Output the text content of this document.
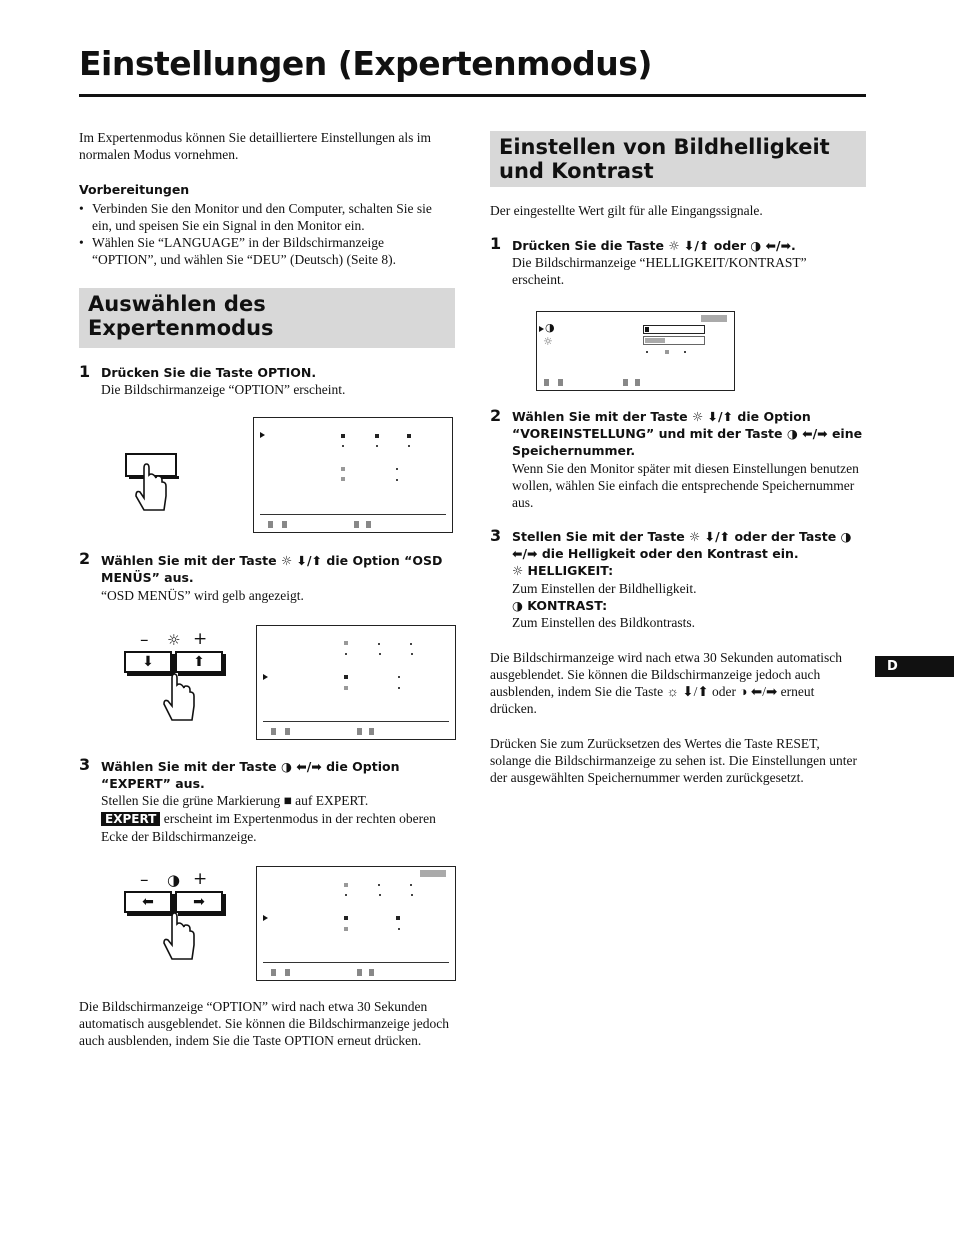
Einstellungen (Expertenmodus)
Im Expertenmodus können Sie detailliertere Einstellungen als im normalen Modus vornehmen.
Vorbereitungen
• Verbinden Sie den Monitor und den Computer, schalten Sie sie ein, und speisen Sie ein Signal in den Monitor ein.
• Wählen Sie “LANGUAGE” in der Bildschirmanzeige “OPTION”, und wählen Sie “DEU” (Deutsch) (Seite 8).
Auswählen des Expertenmodus
1 Drücken Sie die Taste OPTION.
Die Bildschirmanzeige “OPTION” erscheint.
2 Wählen Sie mit der Taste ☼ ⬇/⬆ die Option “OSD MENÜS” aus.
“OSD MENÜS” wird gelb angezeigt.
– ☼ +
⬇	⬆
3 Wählen Sie mit der Taste ◑ ⬅/➡ die Option “EXPERT” aus.
Stellen Sie die grüne Markierung ■ auf EXPERT.
EXPERT erscheint im Expertenmodus in der rechten oberen Ecke der Bildschirmanzeige.
– ◑ +
⬅	➡
Die Bildschirmanzeige “OPTION” wird nach etwa 30 Sekunden automatisch ausgeblendet. Sie können die Bildschirmanzeige jedoch auch ausblenden, indem Sie die Taste OPTION erneut drücken.
Einstellen von Bildhelligkeit und Kontrast
Der eingestellte Wert gilt für alle Eingangssignale.
1 Drücken Sie die Taste ☼ ⬇/⬆ oder ◑ ⬅/➡.
Die Bildschirmanzeige “HELLIGKEIT/KONTRAST” erscheint.
◑
☼
2 Wählen Sie mit der Taste ☼ ⬇/⬆ die Option “VOREINSTELLUNG” und mit der Taste ◑ ⬅/➡ eine Speichernummer.
Wenn Sie den Monitor später mit diesen Einstellungen benutzen wollen, wählen Sie einfach die entsprechende Speichernummer aus.
3 Stellen Sie mit der Taste ☼ ⬇/⬆ oder der Taste ◑ ⬅/➡ die Helligkeit oder den Kontrast ein.
☼ HELLIGKEIT:
Zum Einstellen der Bildhelligkeit.
◑ KONTRAST:
Zum Einstellen des Bildkontrasts.
Die Bildschirmanzeige wird nach etwa 30 Sekunden automatisch ausgeblendet. Sie können die Bildschirmanzeige jedoch auch ausblenden, indem Sie die Taste ☼ ⬇/⬆ oder ◑ ⬅/➡ erneut drücken.
Drücken Sie zum Zurücksetzen des Wertes die Taste RESET, solange die Bildschirmanzeige zu sehen ist. Die Einstellungen unter der ausgewählten Speichernummer werden zurückgesetzt.
D
